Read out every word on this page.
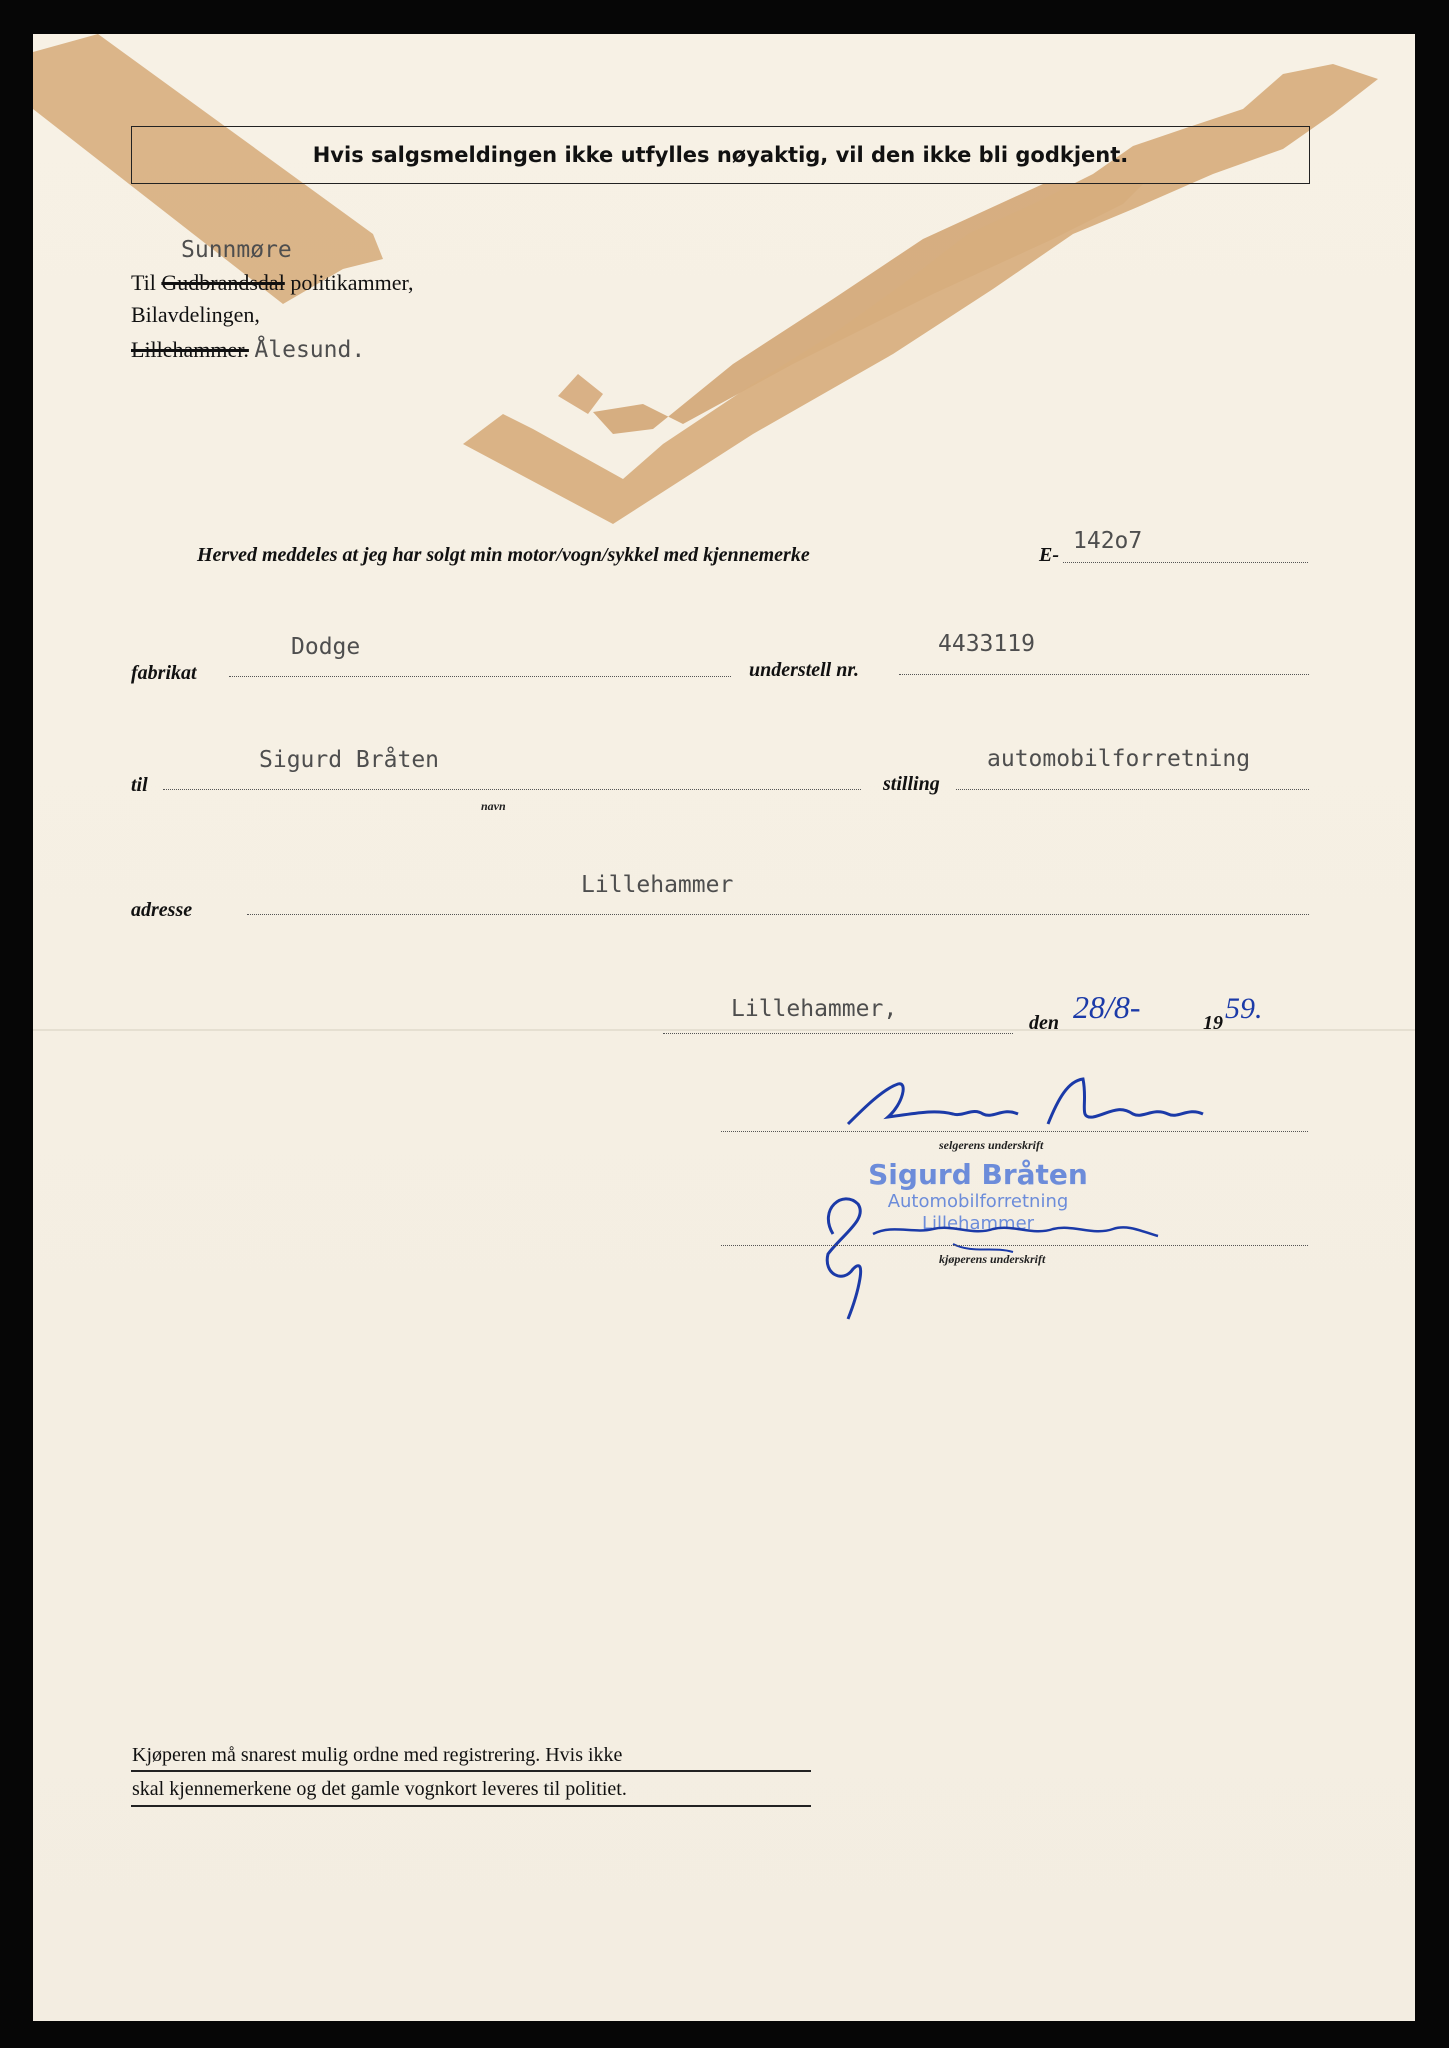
Hvis salgsmeldingen ikke utfylles nøyaktig, vil den ikke bli godkjent.
Sunnmøre
Til Gudbrandsdal politikammer,
Bilavdelingen,
Lillehammer. Ålesund.
Herved meddeles at jeg har solgt min motor/vogn/sykkel med kjennemerke	E-
142o7
fabrikat
Dodge
understell nr.
4433119
til
Sigurd Bråten
navn
stilling
automobilforretning
adresse
Lillehammer
Lillehammer,
den 28/8-	19 59.
selgerens underskrift
Sigurd Bråten
Automobilforretning
Lillehammer
kjøperens underskrift
Kjøperen må snarest mulig ordne med registrering. Hvis ikke
skal kjennemerkene og det gamle vognkort leveres til politiet.
